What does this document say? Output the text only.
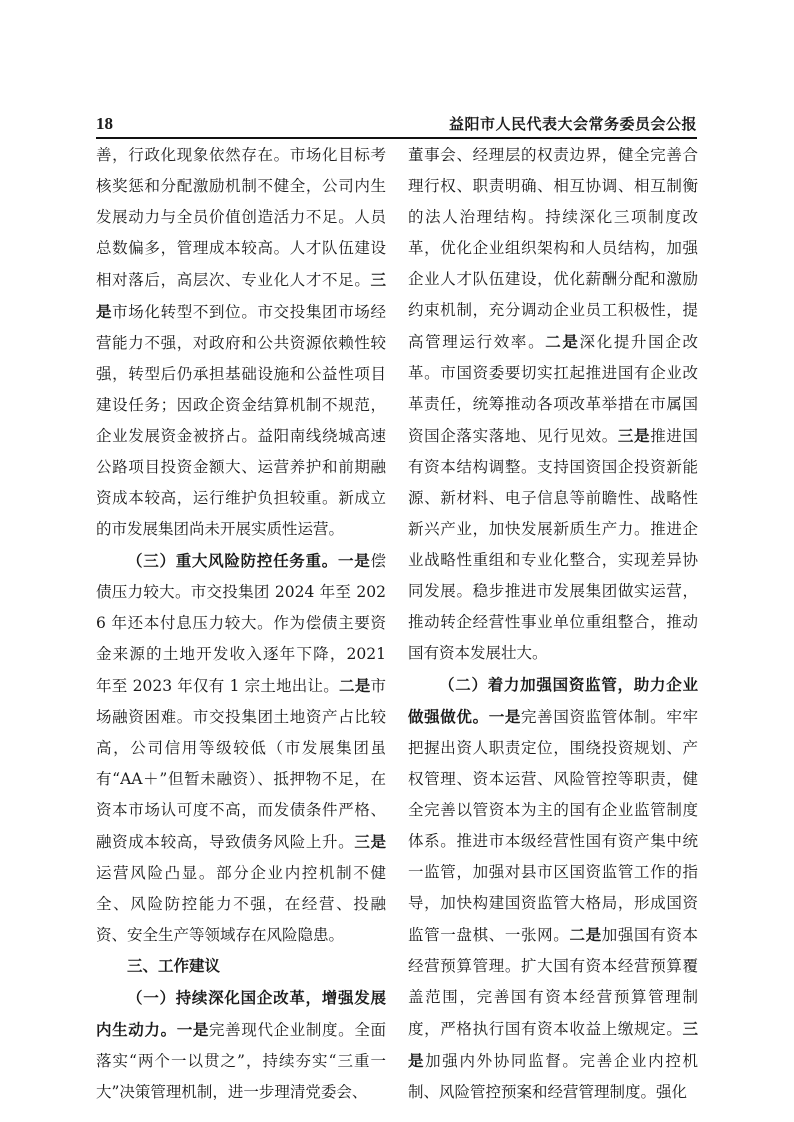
18	益阳市人民代表大会常务委员会公报

善，行政化现象依然存在。市场化目标考核奖惩和分配激励机制不健全，公司内生发展动力与全员价值创造活力不足。人员总数偏多，管理成本较高。人才队伍建设相对落后，高层次、专业化人才不足。三是市场化转型不到位。市交投集团市场经营能力不强，对政府和公共资源依赖性较强，转型后仍承担基础设施和公益性项目建设任务；因政企资金结算机制不规范，企业发展资金被挤占。益阳南线绕城高速公路项目投资金额大、运营养护和前期融资成本较高，运行维护负担较重。新成立的市发展集团尚未开展实质性运营。

（三）重大风险防控任务重。一是偿债压力较大。市交投集团 2024 年至 2026 年还本付息压力较大。作为偿债主要资金来源的土地开发收入逐年下降，2021 年至 2023 年仅有 1 宗土地出让。二是市场融资困难。市交投集团土地资产占比较高，公司信用等级较低（市发展集团虽有“AA＋”但暂未融资）、抵押物不足，在资本市场认可度不高，而发债条件严格、融资成本较高，导致债务风险上升。三是运营风险凸显。部分企业内控机制不健全、风险防控能力不强，在经营、投融资、安全生产等领域存在风险隐患。

三、工作建议

（一）持续深化国企改革，增强发展内生动力。一是完善现代企业制度。全面落实“两个一以贯之”，持续夯实“三重一大”决策管理机制，进一步理清党委会、

董事会、经理层的权责边界，健全完善合理行权、职责明确、相互协调、相互制衡的法人治理结构。持续深化三项制度改革，优化企业组织架构和人员结构，加强企业人才队伍建设，优化薪酬分配和激励约束机制，充分调动企业员工积极性，提高管理运行效率。二是深化提升国企改革。市国资委要切实扛起推进国有企业改革责任，统筹推动各项改革举措在市属国资国企落实落地、见行见效。三是推进国有资本结构调整。支持国资国企投资新能源、新材料、电子信息等前瞻性、战略性新兴产业，加快发展新质生产力。推进企业战略性重组和专业化整合，实现差异协同发展。稳步推进市发展集团做实运营，推动转企经营性事业单位重组整合，推动国有资本发展壮大。

（二）着力加强国资监管，助力企业做强做优。一是完善国资监管体制。牢牢把握出资人职责定位，围绕投资规划、产权管理、资本运营、风险管控等职责，健全完善以管资本为主的国有企业监管制度体系。推进市本级经营性国有资产集中统一监管，加强对县市区国资监管工作的指导，加快构建国资监管大格局，形成国资监管一盘棋、一张网。二是加强国有资本经营预算管理。扩大国有资本经营预算覆盖范围，完善国有资本经营预算管理制度，严格执行国有资本收益上缴规定。三是加强内外协同监督。完善企业内控机制、风险管控预案和经营管理制度。强化
